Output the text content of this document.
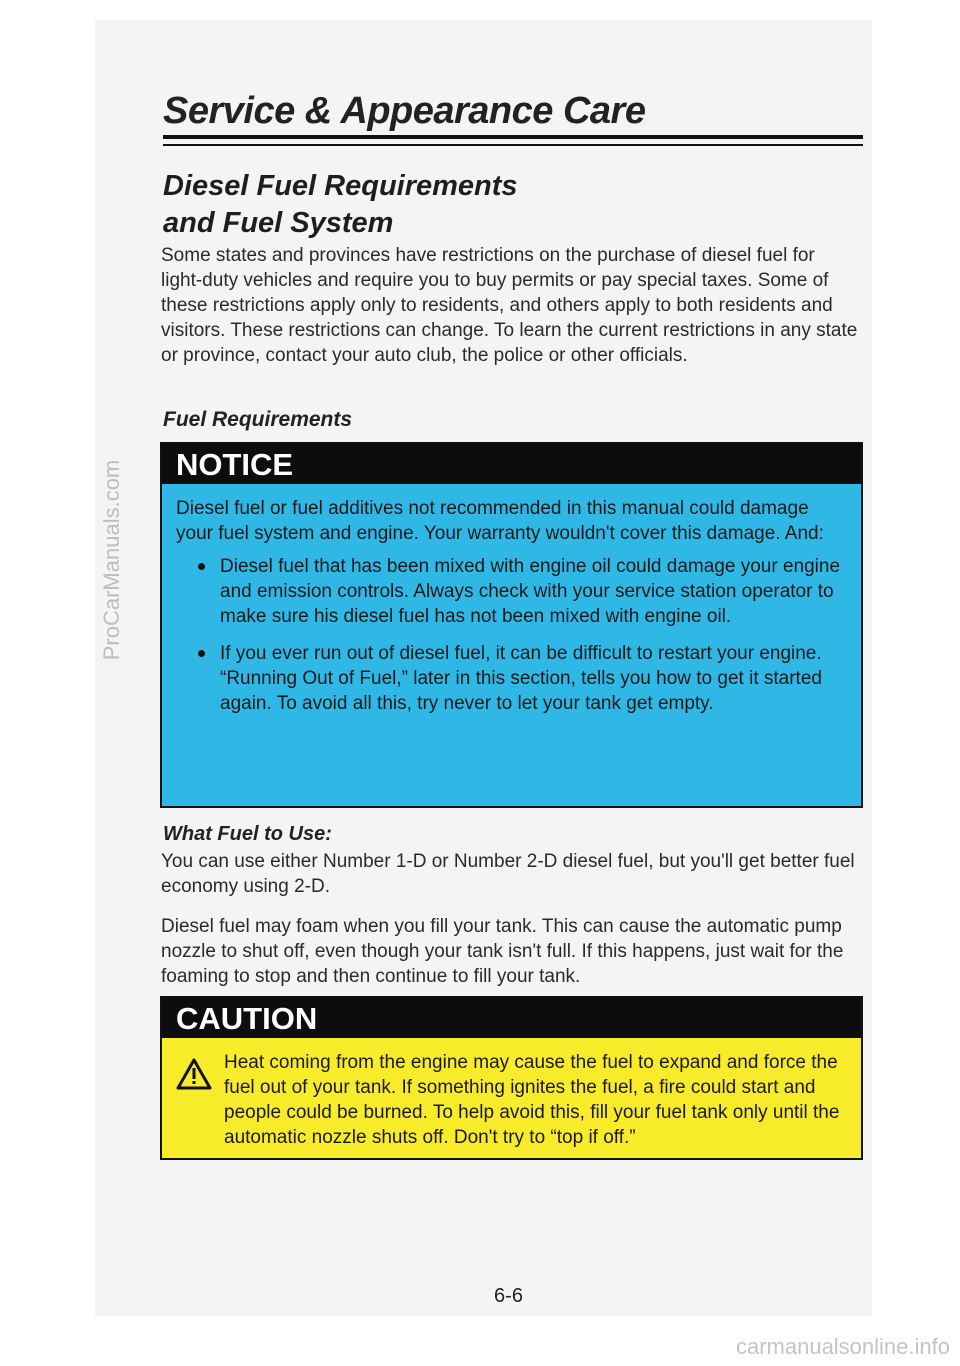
ProCarManuals.com
carmanualsonline.info
Service & Appearance Care
Diesel Fuel Requirements
and Fuel System

Some states and provinces have restrictions on the purchase of diesel fuel for light-duty vehicles and require you to buy permits or pay special taxes. Some of these restrictions apply only to residents, and others apply to both residents and visitors. These restrictions can change. To learn the current restrictions in any state or province, contact your auto club, the police or other officials.

Fuel Requirements
NOTICE

Diesel fuel or fuel additives not recommended in this manual could damage your fuel system and engine. Your warranty wouldn't cover this damage. And:

Diesel fuel that has been mixed with engine oil could damage your engine and emission controls. Always check with your service station operator to make sure his diesel fuel has not been mixed with engine oil.
If you ever run out of diesel fuel, it can be difficult to restart your engine. “Running Out of Fuel,” later in this section, tells you how to get it started again. To avoid all this, try never to let your tank get empty.
What Fuel to Use:

You can use either Number 1-D or Number 2-D diesel fuel, but you'll get better fuel economy using 2-D.

Diesel fuel may foam when you fill your tank. This can cause the automatic pump nozzle to shut off, even though your tank isn't full. If this happens, just wait for the foaming to stop and then continue to fill your tank.

CAUTION
Heat coming from the engine may cause the fuel to expand and force the fuel out of your tank. If something ignites the fuel, a fire could start and people could be burned. To help avoid this, fill your fuel tank only until the automatic nozzle shuts off. Don't try to “top if off.”

6-6
